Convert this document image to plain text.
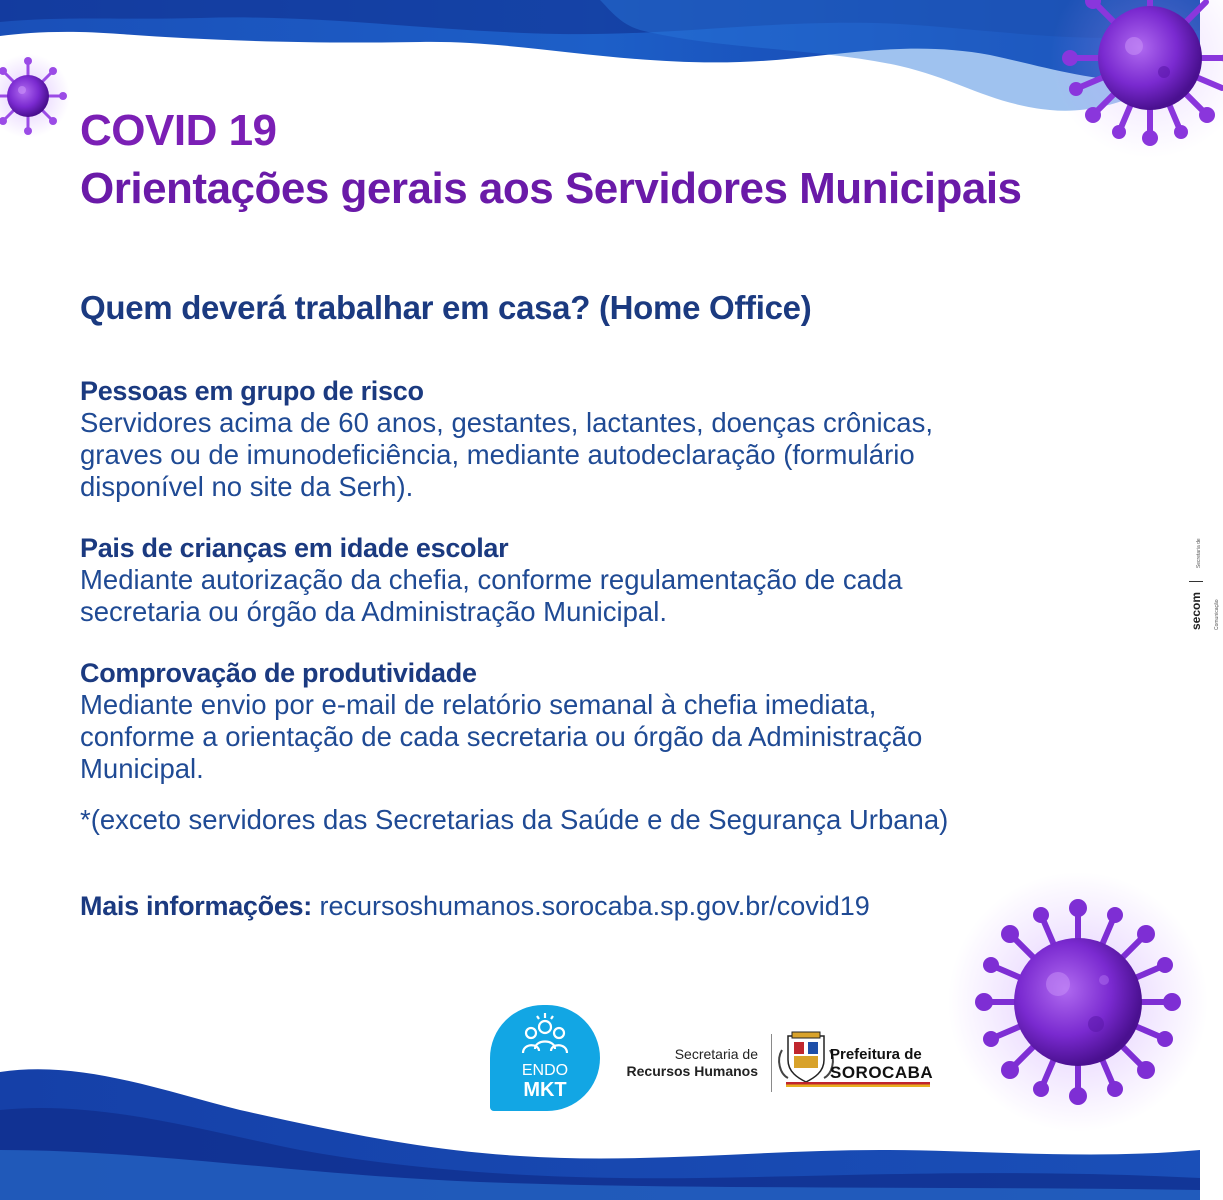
COVID 19
Orientações gerais aos Servidores Municipais
Quem deverá trabalhar em casa? (Home Office)
Pessoas em grupo de risco
Servidores acima de 60 anos, gestantes, lactantes, doenças crônicas,
graves ou de imunodeficiência, mediante autodeclaração (formulário
disponível no site da Serh).
Pais de crianças em idade escolar
Mediante autorização da chefia, conforme regulamentação de cada
secretaria ou órgão da Administração Municipal.
Comprovação de produtividade
Mediante envio por e-mail de relatório semanal à chefia imediata,
conforme a orientação de cada secretaria ou órgão da Administração
Municipal.
*(exceto servidores das Secretarias da Saúde e de Segurança Urbana)
Mais informações: recursoshumanos.sorocaba.sp.gov.br/covid19
ENDO
MKT
Secretaria de
Recursos Humanos
Prefeitura de
SOROCABA
secom  Secretaria de Comunicação
